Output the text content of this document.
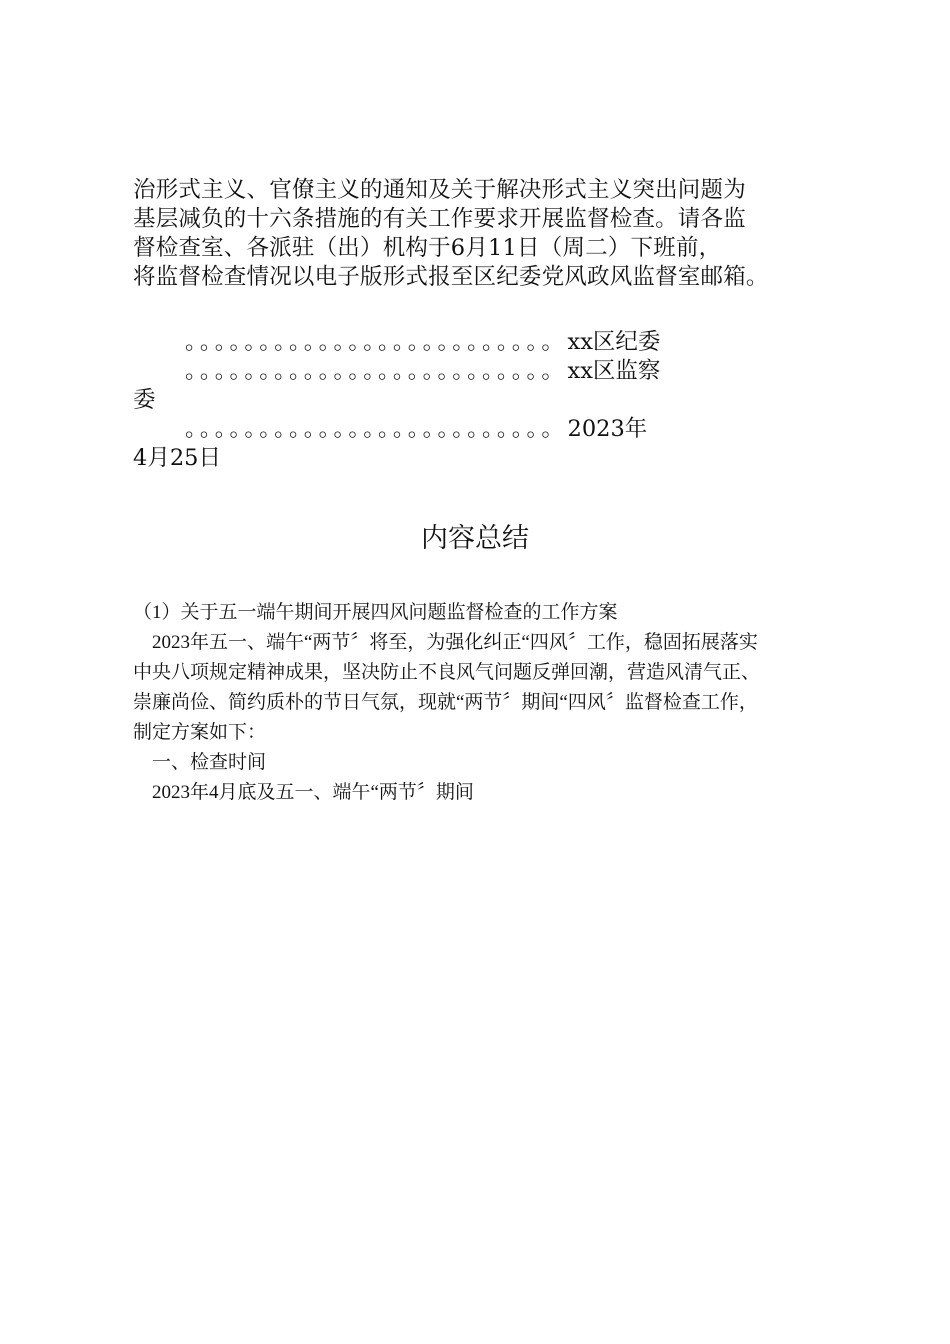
治形式主义、官僚主义的通知及关于解决形式主义突出问题为
基层减负的十六条措施的有关工作要求开展监督检查。请各监
督检查室、各派驻（出）机构于6月11日（周二）下班前，
将监督检查情况以电子版形式报至区纪委党风政风监督室邮箱。
。。。。。。。。。。。。。。。。。。。。。。。。。xx区纪委
。。。。。。。。。。。。。。。。。。。。。。。。。xx区监察
委
。。。。。。。。。。。。。。。。。。。。。。。。。2023年
4月25日
内容总结
（1）关于五一端午期间开展四风问题监督检查的工作方案
2023年五一、端午“两节〞将至，为强化纠正“四风〞工作，稳固拓展落实
中央八项规定精神成果，坚决防止不良风气问题反弹回潮，营造风清气正、
崇廉尚俭、简约质朴的节日气氛，现就“两节〞期间“四风〞监督检查工作，
制定方案如下：
一、检查时间
2023年4月底及五一、端午“两节〞期间
